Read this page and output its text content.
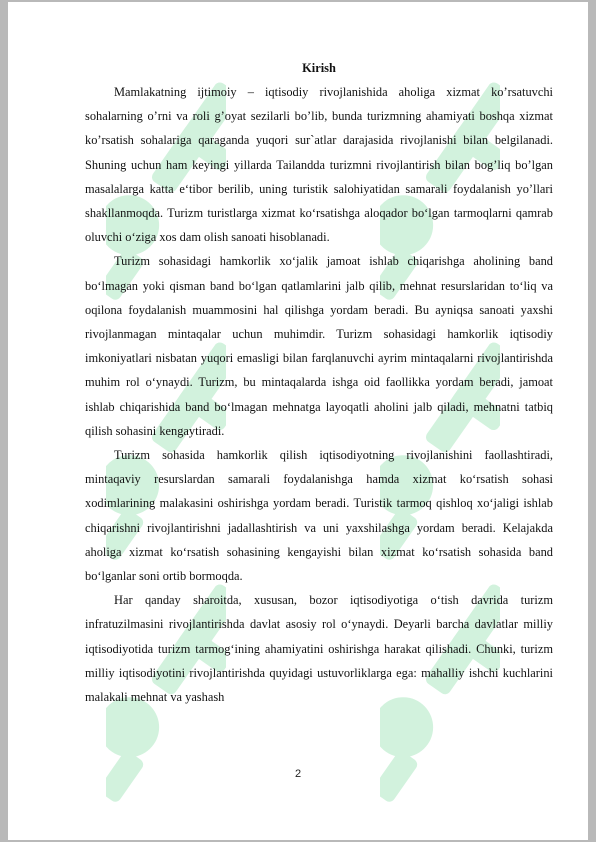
Kirish

Mamlakatning ijtimoiy – iqtisodiy rivojlanishida aholiga xizmat ko’rsatuvchi sohalarning o’rni va roli g’oyat sezilarli bo’lib, bunda turizmning ahamiyati boshqa xizmat ko’rsatish sohalariga qaraganda yuqori sur`atlar darajasida rivojlanishi bilan belgilanadi. Shuning uchun ham keyingi yillarda Tailandda turizmni rivojlantirish bilan bog’liq bo’lgan masalalarga katta e‘tibor berilib, uning turistik salohiyatidan samarali foydalanish yo’llari shakllanmoqda. Turizm turistlarga xizmat ko‘rsatishga aloqador bo‘lgan tarmoqlarni qamrab oluvchi o‘ziga xos dam olish sanoati hisoblanadi.

Turizm sohasidagi hamkorlik xo‘jalik jamoat ishlab chiqarishga aholining band bo‘lmagan yoki qisman band bo‘lgan qatlamlarini jalb qilib, mehnat resurslaridan to‘liq va oqilona foydalanish muammosini hal qilishga yordam beradi. Bu ayniqsa sanoati yaxshi rivojlanmagan mintaqalar uchun muhimdir. Turizm sohasidagi hamkorlik iqtisodiy imkoniyatlari nisbatan yuqori emasligi bilan farqlanuvchi ayrim mintaqalarni rivojlantirishda muhim rol o‘ynaydi. Turizm, bu mintaqalarda ishga oid faollikka yordam beradi, jamoat ishlab chiqarishida band bo‘lmagan mehnatga layoqatli aholini jalb qiladi, mehnatni tatbiq qilish sohasini kengaytiradi.

Turizm sohasida hamkorlik qilish iqtisodiyotning rivojlanishini faollashtiradi, mintaqaviy resurslardan samarali foydalanishga hamda xizmat ko‘rsatish sohasi xodimlarining malakasini oshirishga yordam beradi. Turistik tarmoq qishloq xo‘jaligi ishlab chiqarishni rivojlantirishni jadallashtirish va uni yaxshilashga yordam beradi. Kelajakda aholiga xizmat ko‘rsatish sohasining kengayishi bilan xizmat ko‘rsatish sohasida band bo‘lganlar soni ortib bormoqda.

Har qanday sharoitda, xususan, bozor iqtisodiyotiga o‘tish davrida turizm infratuzilmasini rivojlantirishda davlat asosiy rol o‘ynaydi. Deyarli barcha davlatlar milliy iqtisodiyotida turizm tarmog‘ining ahamiyatini oshirishga harakat qilishadi. Chunki, turizm milliy iqtisodiyotini rivojlantirishda quyidagi ustuvorliklarga ega: mahalliy ishchi kuchlarini malakali mehnat va yashash

2
